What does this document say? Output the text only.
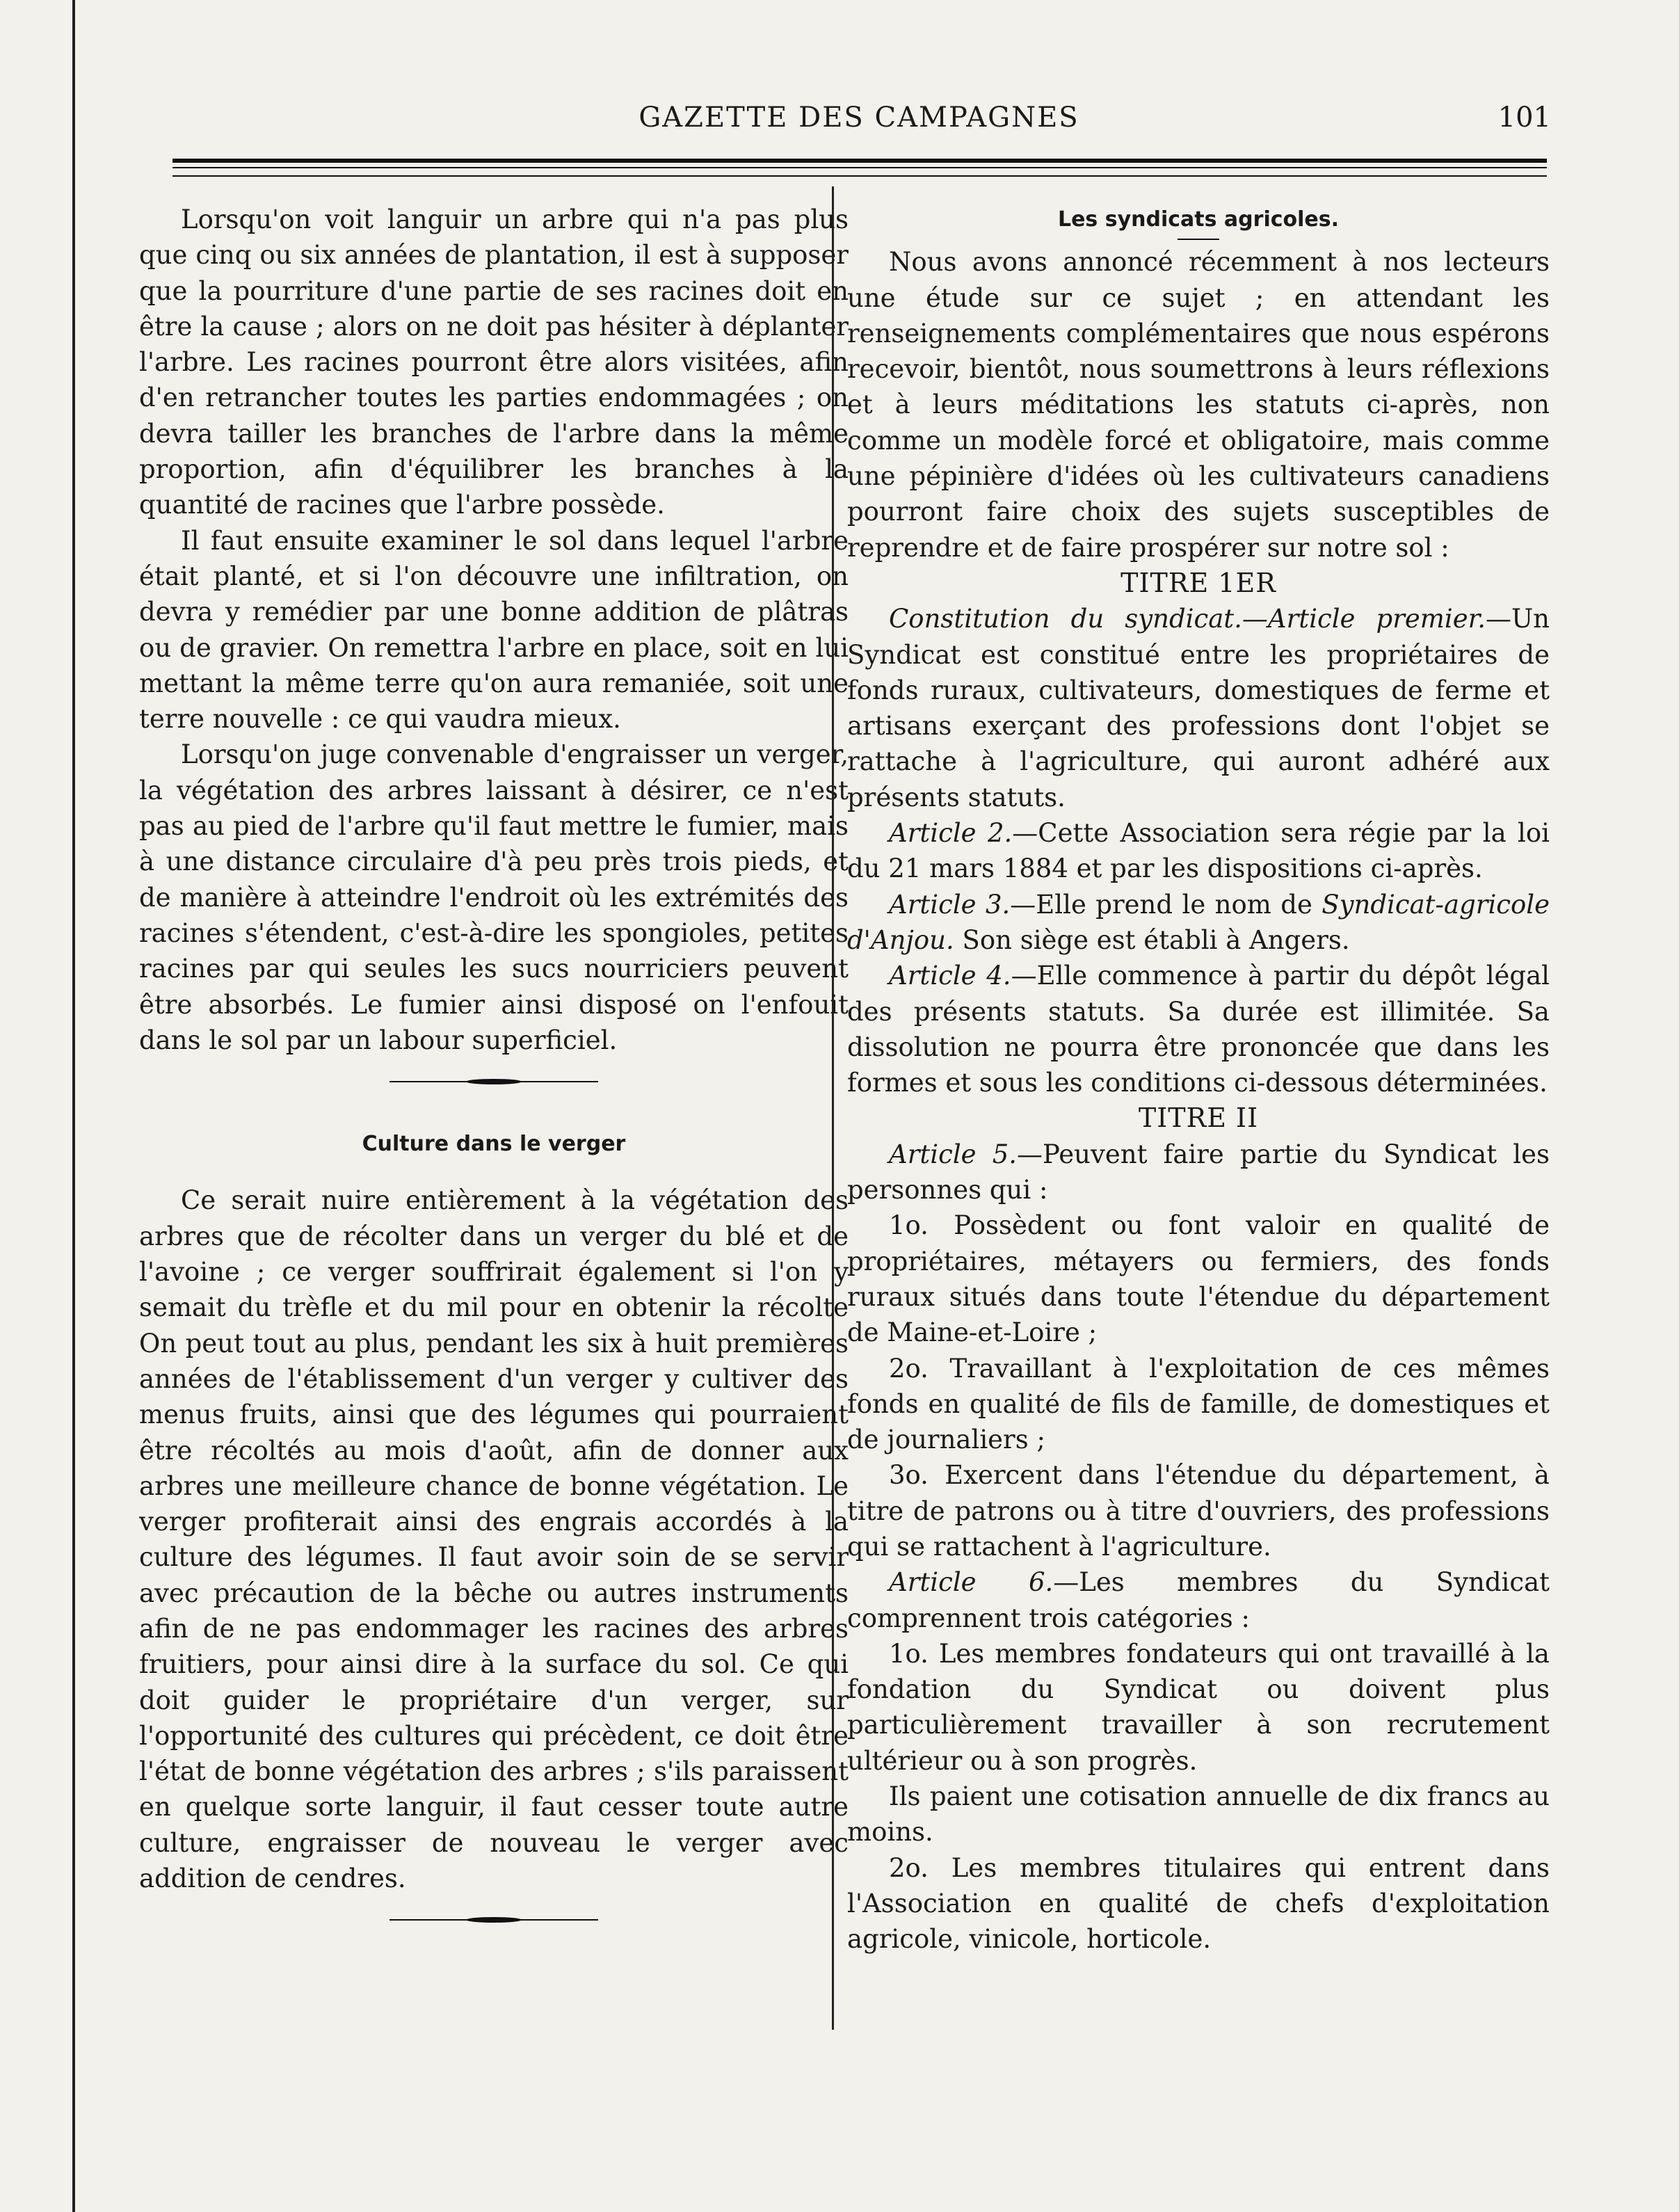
GAZETTE DES CAMPAGNES	101

Lorsqu'on voit languir un arbre qui n'a pas plus que cinq ou six années de plantation, il est à supposer que la pourriture d'une partie de ses racines doit en être la cause ; alors on ne doit pas hésiter à déplanter l'arbre. Les racines pourront être alors visitées, afin d'en retrancher toutes les parties endommagées ; on devra tailler les branches de l'arbre dans la même proportion, afin d'équilibrer les branches à la quantité de racines que l'arbre possède.

Il faut ensuite examiner le sol dans lequel l'arbre était planté, et si l'on découvre une infiltration, on devra y remédier par une bonne addition de plâtras ou de gravier. On remettra l'arbre en place, soit en lui mettant la même terre qu'on aura remaniée, soit une terre nouvelle : ce qui vaudra mieux.

Lorsqu'on juge convenable d'engraisser un verger, la végétation des arbres laissant à désirer, ce n'est pas au pied de l'arbre qu'il faut mettre le fumier, mais à une distance circulaire d'à peu près trois pieds, et de manière à atteindre l'endroit où les extrémités des racines s'étendent, c'est-à-dire les spongioles, petites racines par qui seules les sucs nourriciers peuvent être absorbés. Le fumier ainsi disposé on l'enfouit dans le sol par un labour superficiel.

Culture dans le verger

Ce serait nuire entièrement à la végétation des arbres que de récolter dans un verger du blé et de l'avoine ; ce verger souffrirait également si l'on y semait du trèfle et du mil pour en obtenir la récolte On peut tout au plus, pendant les six à huit premières années de l'établissement d'un verger y cultiver des menus fruits, ainsi que des légumes qui pourraient être récoltés au mois d'août, afin de donner aux arbres une meilleure chance de bonne végétation. Le verger profiterait ainsi des engrais accordés à la culture des légumes. Il faut avoir soin de se servir avec précaution de la bêche ou autres instruments afin de ne pas endommager les racines des arbres fruitiers, pour ainsi dire à la surface du sol. Ce qui doit guider le propriétaire d'un verger, sur l'opportunité des cultures qui précèdent, ce doit être l'état de bonne végétation des arbres ; s'ils paraissent en quelque sorte languir, il faut cesser toute autre culture, engraisser de nouveau le verger avec addition de cendres.

Les syndicats agricoles.

Nous avons annoncé récemment à nos lecteurs une étude sur ce sujet ; en attendant les renseignements complémentaires que nous espérons recevoir, bientôt, nous soumettrons à leurs réflexions et à leurs méditations les statuts ci-après, non comme un modèle forcé et obligatoire, mais comme une pépinière d'idées où les cultivateurs canadiens pourront faire choix des sujets susceptibles de reprendre et de faire prospérer sur notre sol :

TITRE 1ER

Constitution du syndicat.—Article premier.—Un Syndicat est constitué entre les propriétaires de fonds ruraux, cultivateurs, domestiques de ferme et artisans exerçant des professions dont l'objet se rattache à l'agriculture, qui auront adhéré aux présents statuts.

Article 2.—Cette Association sera régie par la loi du 21 mars 1884 et par les dispositions ci-après.

Article 3.—Elle prend le nom de Syndicat-agricole d'Anjou. Son siège est établi à Angers.

Article 4.—Elle commence à partir du dépôt légal des présents statuts. Sa durée est illimitée. Sa dissolution ne pourra être prononcée que dans les formes et sous les conditions ci-dessous déterminées.

TITRE II

Article 5.—Peuvent faire partie du Syndicat les personnes qui :

1o. Possèdent ou font valoir en qualité de propriétaires, métayers ou fermiers, des fonds ruraux situés dans toute l'étendue du département de Maine-et-Loire ;

2o. Travaillant à l'exploitation de ces mêmes fonds en qualité de fils de famille, de domestiques et de journaliers ;

3o. Exercent dans l'étendue du département, à titre de patrons ou à titre d'ouvriers, des professions qui se rattachent à l'agriculture.

Article 6.—Les membres du Syndicat comprennent trois catégories :

1o. Les membres fondateurs qui ont travaillé à la fondation du Syndicat ou doivent plus particulièrement travailler à son recrutement ultérieur ou à son progrès.

Ils paient une cotisation annuelle de dix francs au moins.

2o. Les membres titulaires qui entrent dans l'Association en qualité de chefs d'exploitation agricole, vinicole, horticole.
